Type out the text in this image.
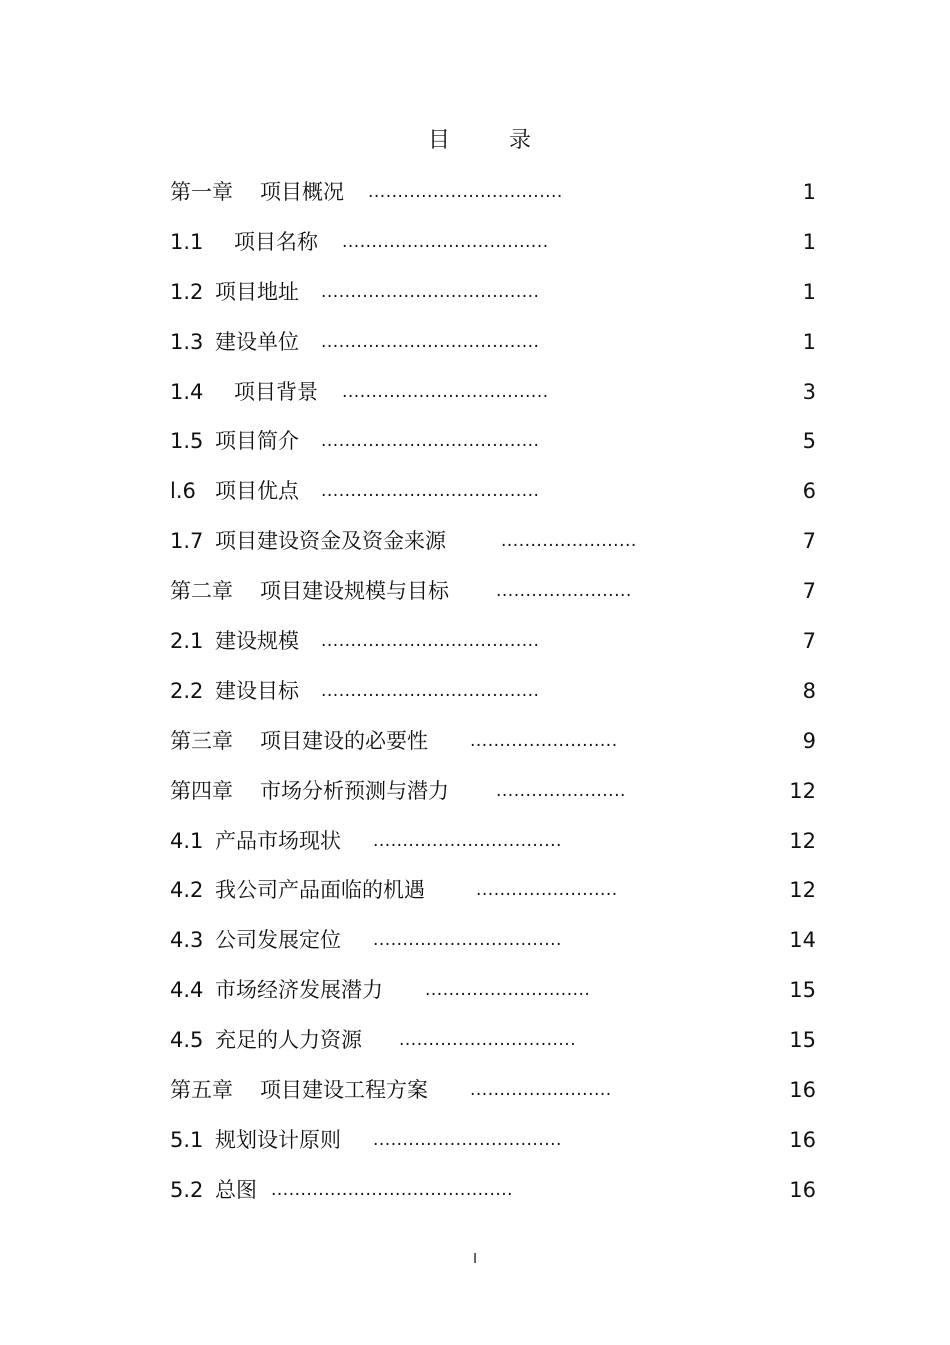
目 录
第一章 项目概况 .................................	1
1.1 项目名称 ...................................	1
1.2 项目地址 .....................................	1
1.3 建设单位 .....................................	1
1.4 项目背景 ...................................	3
1.5 项目简介 .....................................	5
l.6 项目优点 .....................................	6
1.7 项目建设资金及资金来源	.......................	7
第二章 项目建设规模与目标	.......................	7
2.1 建设规模 .....................................	7
2.2 建设目标 .....................................	8
第三章 项目建设的必要性 .........................	9
第四章 市场分析预测与潜力	......................	12
4.1 产品市场现状 ................................	12
4.2 我公司产品面临的机遇	........................	12
4.3 公司发展定位 ................................	14
4.4 市场经济发展潜力 ............................	15
4.5 充足的人力资源 ..............................	15
第五章 项目建设工程方案 ........................	16
5.1 规划设计原则 ................................	16
5.2 总图 .........................................	16
I
